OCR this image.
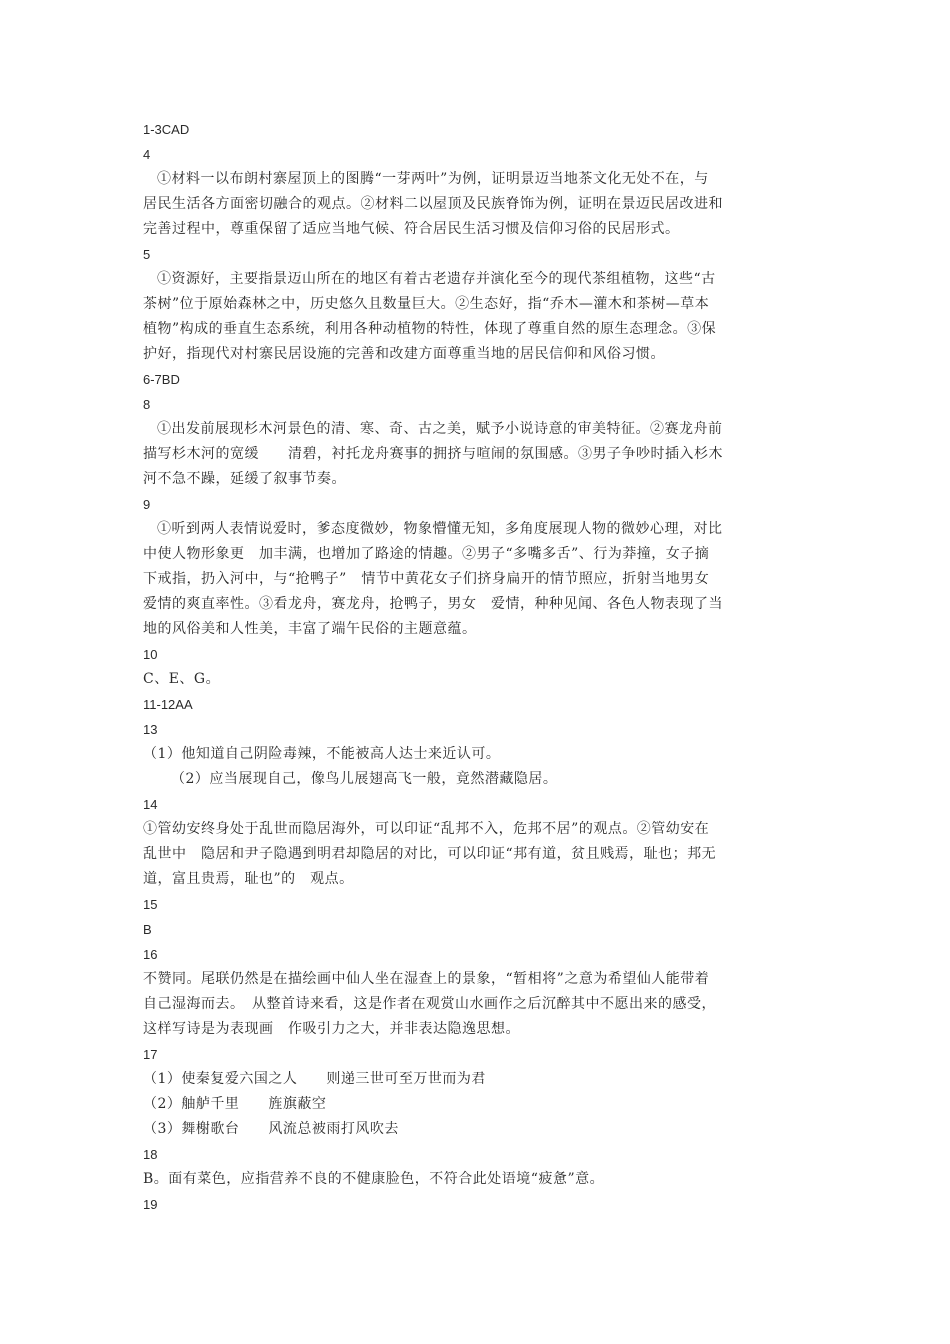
1-3CAD
4

①材料一以布朗村寨屋顶上的图腾“一芽两叶”为例，证明景迈当地茶文化无处不在，与
居民生活各方面密切融合的观点。②材料二以屋顶及民族脊饰为例，证明在景迈民居改进和
完善过程中，尊重保留了适应当地气候、符合居民生活习惯及信仰习俗的民居形式。

5

①资源好，主要指景迈山所在的地区有着古老遗存并演化至今的现代茶组植物，这些“古
茶树”位于原始森林之中，历史悠久且数量巨大。②生态好，指“乔木—灌木和茶树—草本
植物”构成的垂直生态系统，利用各种动植物的特性，体现了尊重自然的原生态理念。③保
护好，指现代对村寨民居设施的完善和改建方面尊重当地的居民信仰和风俗习惯。

6-7BD
8

①出发前展现杉木河景色的清、寒、奇、古之美，赋予小说诗意的审美特征。②赛龙舟前
描写杉木河的宽缓　　清碧，衬托龙舟赛事的拥挤与喧闹的氛围感。③男子争吵时插入杉木
河不急不躁，延缓了叙事节奏。

9

①听到两人表情说爱时，爹态度微妙，物象懵懂无知，多角度展现人物的微妙心理，对比
中使人物形象更　加丰满，也增加了路途的情趣。②男子“多嘴多舌”、行为莽撞，女子摘
下戒指，扔入河中，与“抢鸭子”　情节中黄花女子们挤身扁开的情节照应，折射当地男女
爱情的爽直率性。③看龙舟，赛龙舟，抢鸭子，男女　爱情，种种见闻、各色人物表现了当
地的风俗美和人性美，丰富了端午民俗的主题意蕴。

10

C、E、G。

11-12AA
13

（1）他知道自己阴险毒辣，不能被高人达士来近认可。
（2）应当展现自己，像鸟儿展翅高飞一般，竟然潜藏隐居。

14

①管幼安终身处于乱世而隐居海外，可以印证“乱邦不入，危邦不居”的观点。②管幼安在
乱世中　隐居和尹子隐遇到明君却隐居的对比，可以印证“邦有道，贫且贱焉，耻也；邦无
道，富且贵焉，耻也”的　观点。

15
B
16

不赞同。尾联仍然是在描绘画中仙人坐在湿查上的景象，“暂相将”之意为希望仙人能带着
自己湿海而去。　从整首诗来看，这是作者在观赏山水画作之后沉醉其中不愿出来的感受，
这样写诗是为表现画　作吸引力之大，并非表达隐逸思想。

17

（1）使秦复爱六国之人　　则递三世可至万世而为君
（2）舳舻千里　　旌旗蔽空
（3）舞榭歌台　　风流总被雨打风吹去

18

B。面有菜色，应指营养不良的不健康脸色，不符合此处语境“疲惫”意。

19
